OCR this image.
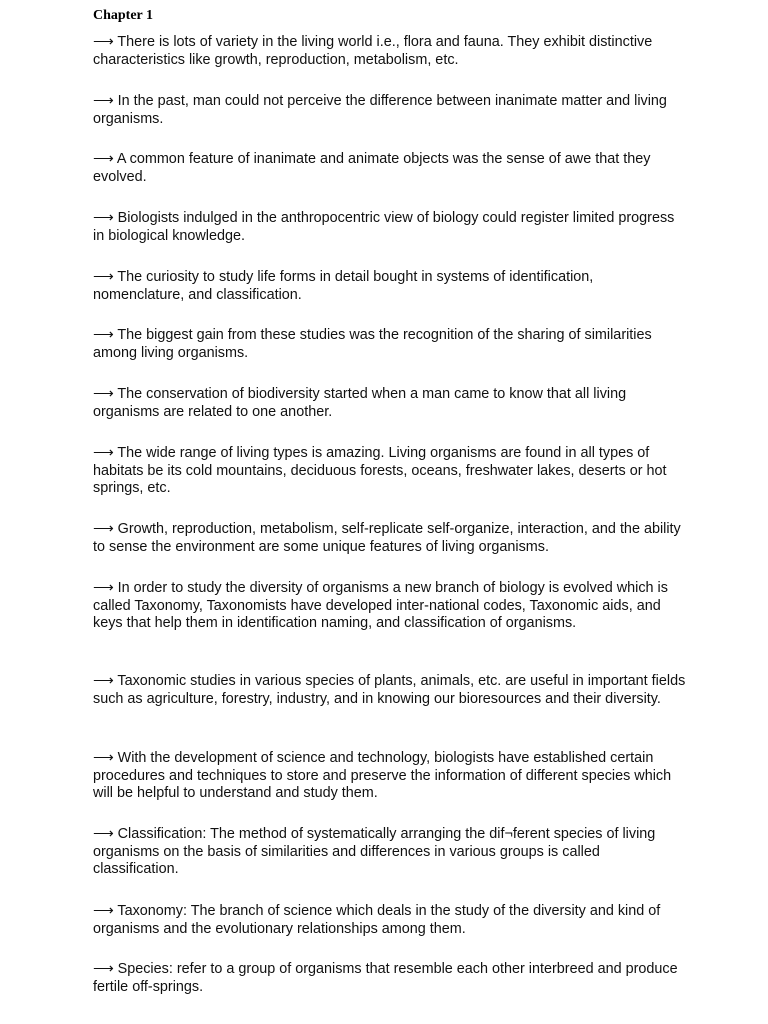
Chapter 1

⟶ There is lots of variety in the living world i.e., flora and fauna. They exhibit distinctive characteristics like growth, reproduction, metabolism, etc.

⟶ In the past, man could not perceive the difference between inanimate matter and living organisms.

⟶ A common feature of inanimate and animate objects was the sense of awe that they evolved.

⟶ Biologists indulged in the anthropocentric view of biology could register limited progress in biological knowledge.

⟶ The curiosity to study life forms in detail bought in systems of identification, nomenclature, and classification.

⟶ The biggest gain from these studies was the recognition of the sharing of similarities among living organisms.

⟶ The conservation of biodiversity started when a man came to know that all living organisms are related to one another.

⟶ The wide range of living types is amazing. Living organisms are found in all types of habitats be its cold mountains, deciduous forests, oceans, freshwater lakes, deserts or hot springs, etc.

⟶ Growth, reproduction, metabolism, self-replicate self-organize, interaction, and the ability to sense the environment are some unique features of living organisms.

⟶ In order to study the diversity of organisms a new branch of biology is evolved which is called Taxonomy, Taxonomists have developed inter-national codes, Taxonomic aids, and keys that help them in identification naming, and classification of organisms.

⟶ Taxonomic studies in various species of plants, animals, etc. are useful in important fields such as agriculture, forestry, industry, and in knowing our bioresources and their diversity.

⟶ With the development of science and technology, biologists have established certain procedures and techniques to store and preserve the information of different species which will be helpful to understand and study them.

⟶ Classification: The method of systematically arranging the dif¬ferent species of living organisms on the basis of similarities and differences in various groups is called classification.

⟶ Taxonomy: The branch of science which deals in the study of the diversity and kind of organisms and the evolutionary relationships among them.

⟶ Species: refer to a group of organisms that resemble each other interbreed and produce fertile off-springs.
